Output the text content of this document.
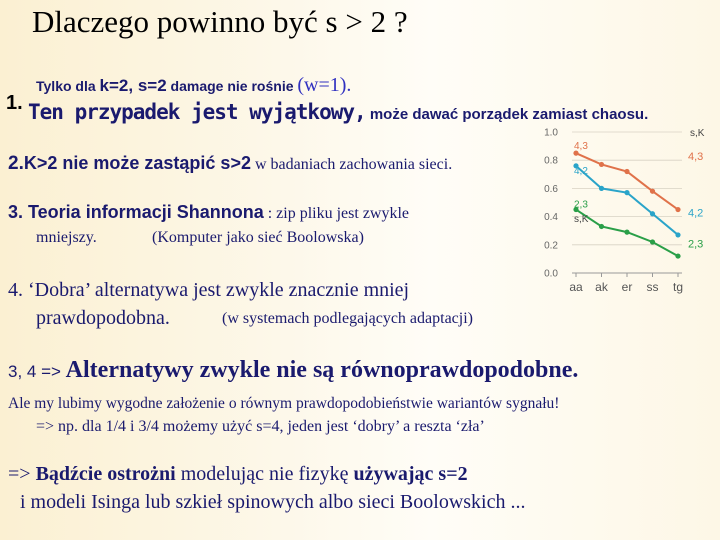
Dlaczego powinno być s > 2 ?
1.
Tylko dla k=2, s=2 damage nie rośnie (w=1).
Ten przypadek jest wyjątkowy, może dawać porządek zamiast chaosu.
2.K>2 nie może zastąpić s>2 w badaniach zachowania sieci.
3. Teoria informacji Shannona : zip pliku jest zwykle
mniejszy.	(Komputer jako sieć Boolowska)
4. ‘Dobra’ alternatywa jest zwykle znacznie mniej
prawdopodobna.	(w systemach podlegających adaptacji)
3, 4 => Alternatywy zwykle nie są równoprawdopodobne.
Ale my lubimy wygodne założenie o równym prawdopodobieństwie wariantów sygnału!
=> np. dla 1/4 i 3/4 możemy użyć s=4, jeden jest ‘dobry’ a reszta ‘zła’
=> Bądźcie ostrożni modelując nie fizykę używając s=2
i modeli Isinga lub szkieł spinowych albo sieci Boolowskich ...
0.0
0.2
0.4
0.6
0.8
1.0
aa ak er ss tg
4,3
4,2
2,3
s,K
s,K
4,3
4,2
2,3
